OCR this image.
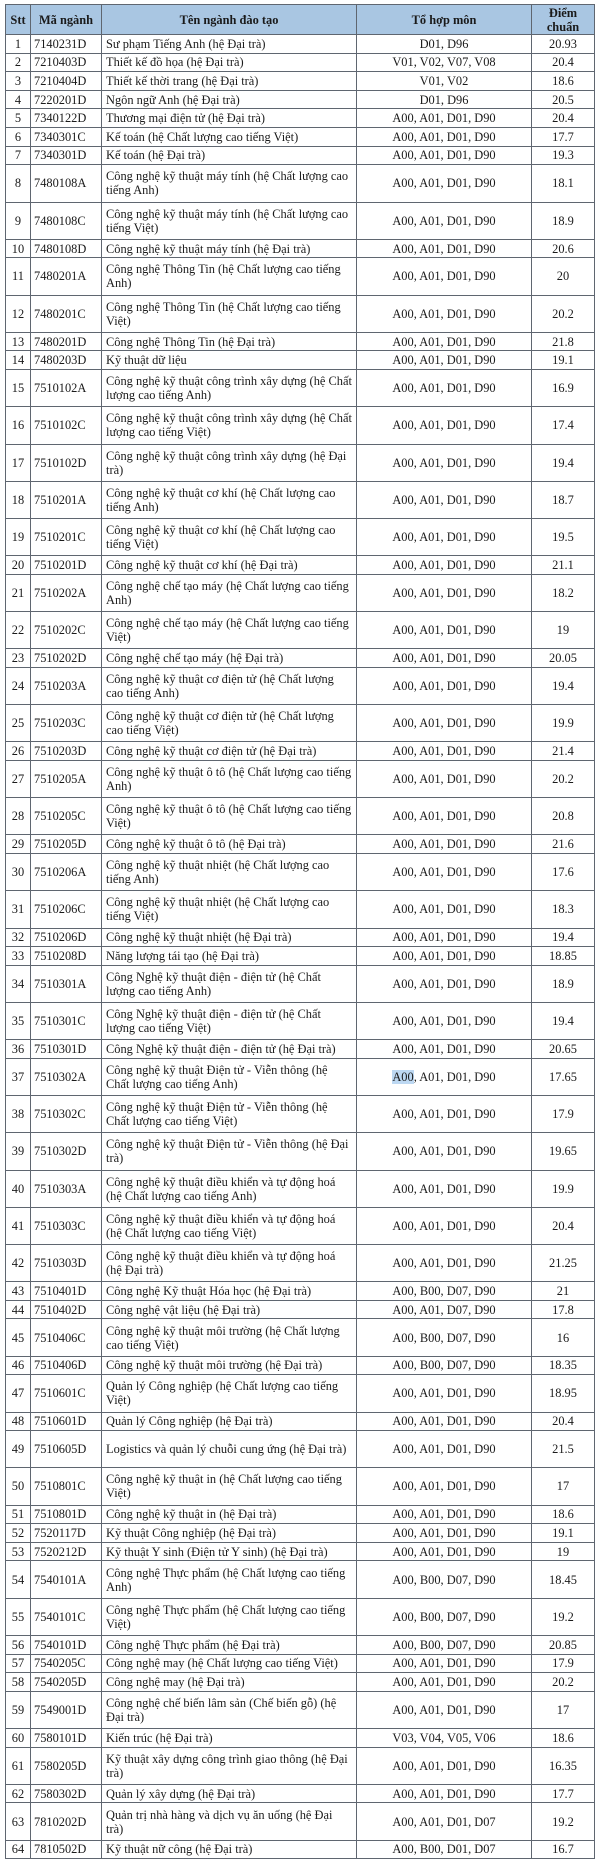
Stt	Mã ngành	Tên ngành đào tạo	Tổ hợp môn	Điểm
chuẩn
1	7140231D	Sư phạm Tiếng Anh (hệ Đại trà)	D01, D96	20.93
2	7210403D	Thiết kế đồ họa (hệ Đại trà)	V01, V02, V07, V08	20.4
3	7210404D	Thiết kế thời trang (hệ Đại trà)	V01, V02	18.6
4	7220201D	Ngôn ngữ Anh (hệ Đại trà)	D01, D96	20.5
5	7340122D	Thương mại điện tử (hệ Đại trà)	A00, A01, D01, D90	20.4
6	7340301C	Kế toán (hệ Chất lượng cao tiếng Việt)	A00, A01, D01, D90	17.7
7	7340301D	Kế toán (hệ Đại trà)	A00, A01, D01, D90	19.3
8	7480108A	Công nghệ kỹ thuật máy tính (hệ Chất lượng cao tiếng Anh)	A00, A01, D01, D90	18.1
9	7480108C	Công nghệ kỹ thuật máy tính (hệ Chất lượng cao tiếng Việt)	A00, A01, D01, D90	18.9
10	7480108D	Công nghệ kỹ thuật máy tính (hệ Đại trà)	A00, A01, D01, D90	20.6
11	7480201A	Công nghệ Thông Tin (hệ Chất lượng cao tiếng Anh)	A00, A01, D01, D90	20
12	7480201C	Công nghệ Thông Tin (hệ Chất lượng cao tiếng Việt)	A00, A01, D01, D90	20.2
13	7480201D	Công nghệ Thông Tin (hệ Đại trà)	A00, A01, D01, D90	21.8
14	7480203D	Kỹ thuật dữ liệu	A00, A01, D01, D90	19.1
15	7510102A	Công nghệ kỹ thuật công trình xây dựng (hệ Chất lượng cao tiếng Anh)	A00, A01, D01, D90	16.9
16	7510102C	Công nghệ kỹ thuật công trình xây dựng (hệ Chất lượng cao tiếng Việt)	A00, A01, D01, D90	17.4
17	7510102D	Công nghệ kỹ thuật công trình xây dựng (hệ Đại trà)	A00, A01, D01, D90	19.4
18	7510201A	Công nghệ kỹ thuật cơ khí (hệ Chất lượng cao tiếng Anh)	A00, A01, D01, D90	18.7
19	7510201C	Công nghệ kỹ thuật cơ khí (hệ Chất lượng cao tiếng Việt)	A00, A01, D01, D90	19.5
20	7510201D	Công nghệ kỹ thuật cơ khí (hệ Đại trà)	A00, A01, D01, D90	21.1
21	7510202A	Công nghệ chế tạo máy (hệ Chất lượng cao tiếng Anh)	A00, A01, D01, D90	18.2
22	7510202C	Công nghệ chế tạo máy (hệ Chất lượng cao tiếng Việt)	A00, A01, D01, D90	19
23	7510202D	Công nghệ chế tạo máy (hệ Đại trà)	A00, A01, D01, D90	20.05
24	7510203A	Công nghệ kỹ thuật cơ điện tử (hệ Chất lượng cao tiếng Anh)	A00, A01, D01, D90	19.4
25	7510203C	Công nghệ kỹ thuật cơ điện tử (hệ Chất lượng cao tiếng Việt)	A00, A01, D01, D90	19.9
26	7510203D	Công nghệ kỹ thuật cơ điện tử (hệ Đại trà)	A00, A01, D01, D90	21.4
27	7510205A	Công nghệ kỹ thuật ô tô (hệ Chất lượng cao tiếng Anh)	A00, A01, D01, D90	20.2
28	7510205C	Công nghệ kỹ thuật ô tô (hệ Chất lượng cao tiếng Việt)	A00, A01, D01, D90	20.8
29	7510205D	Công nghệ kỹ thuật ô tô (hệ Đại trà)	A00, A01, D01, D90	21.6
30	7510206A	Công nghệ kỹ thuật nhiệt (hệ Chất lượng cao tiếng Anh)	A00, A01, D01, D90	17.6
31	7510206C	Công nghệ kỹ thuật nhiệt (hệ Chất lượng cao tiếng Việt)	A00, A01, D01, D90	18.3
32	7510206D	Công nghệ kỹ thuật nhiệt (hệ Đại trà)	A00, A01, D01, D90	19.4
33	7510208D	Năng lượng tái tạo (hệ Đại trà)	A00, A01, D01, D90	18.85
34	7510301A	Công Nghệ kỹ thuật điện - điện tử (hệ Chất lượng cao tiếng Anh)	A00, A01, D01, D90	18.9
35	7510301C	Công Nghệ kỹ thuật điện - điện tử (hệ Chất lượng cao tiếng Việt)	A00, A01, D01, D90	19.4
36	7510301D	Công Nghệ kỹ thuật điện - điện tử (hệ Đại trà)	A00, A01, D01, D90	20.65
37	7510302A	Công nghệ kỹ thuật Điện tử - Viễn thông (hệ Chất lượng cao tiếng Anh)	A00, A01, D01, D90	17.65
38	7510302C	Công nghệ kỹ thuật Điện tử - Viễn thông (hệ Chất lượng cao tiếng Việt)	A00, A01, D01, D90	17.9
39	7510302D	Công nghệ kỹ thuật Điện tử - Viễn thông (hệ Đại trà)	A00, A01, D01, D90	19.65
40	7510303A	Công nghệ kỹ thuật điều khiển và tự động hoá (hệ Chất lượng cao tiếng Anh)	A00, A01, D01, D90	19.9
41	7510303C	Công nghệ kỹ thuật điều khiển và tự động hoá (hệ Chất lượng cao tiếng Việt)	A00, A01, D01, D90	20.4
42	7510303D	Công nghệ kỹ thuật điều khiển và tự động hoá (hệ Đại trà)	A00, A01, D01, D90	21.25
43	7510401D	Công nghệ Kỹ thuật Hóa học (hệ Đại trà)	A00, B00, D07, D90	21
44	7510402D	Công nghệ vật liệu (hệ Đại trà)	A00, A01, D07, D90	17.8
45	7510406C	Công nghệ kỹ thuật môi trường (hệ Chất lượng cao tiếng Việt)	A00, B00, D07, D90	16
46	7510406D	Công nghệ kỹ thuật môi trường (hệ Đại trà)	A00, B00, D07, D90	18.35
47	7510601C	Quản lý Công nghiệp (hệ Chất lượng cao tiếng Việt)	A00, A01, D01, D90	18.95
48	7510601D	Quản lý Công nghiệp (hệ Đại trà)	A00, A01, D01, D90	20.4
49	7510605D	Logistics và quản lý chuỗi cung ứng (hệ Đại trà)	A00, A01, D01, D90	21.5
50	7510801C	Công nghệ kỹ thuật in (hệ Chất lượng cao tiếng Việt)	A00, A01, D01, D90	17
51	7510801D	Công nghệ kỹ thuật in (hệ Đại trà)	A00, A01, D01, D90	18.6
52	7520117D	Kỹ thuật Công nghiệp (hệ Đại trà)	A00, A01, D01, D90	19.1
53	7520212D	Kỹ thuật Y sinh (Điện tử Y sinh) (hệ Đại trà)	A00, A01, D01, D90	19
54	7540101A	Công nghệ Thực phẩm (hệ Chất lượng cao tiếng Anh)	A00, B00, D07, D90	18.45
55	7540101C	Công nghệ Thực phẩm (hệ Chất lượng cao tiếng Việt)	A00, B00, D07, D90	19.2
56	7540101D	Công nghệ Thực phẩm (hệ Đại trà)	A00, B00, D07, D90	20.85
57	7540205C	Công nghệ may (hệ Chất lượng cao tiếng Việt)	A00, A01, D01, D90	17.9
58	7540205D	Công nghệ may (hệ Đại trà)	A00, A01, D01, D90	20.2
59	7549001D	Công nghệ chế biến lâm sản (Chế biến gỗ) (hệ Đại trà)	A00, A01, D01, D90	17
60	7580101D	Kiến trúc (hệ Đại trà)	V03, V04, V05, V06	18.6
61	7580205D	Kỹ thuật xây dựng công trình giao thông (hệ Đại trà)	A00, A01, D01, D90	16.35
62	7580302D	Quản lý xây dựng (hệ Đại trà)	A00, A01, D01, D90	17.7
63	7810202D	Quản trị nhà hàng và dịch vụ ăn uống (hệ Đại trà)	A00, A01, D01, D07	19.2
64	7810502D	Kỹ thuật nữ công (hệ Đại trà)	A00, B00, D01, D07	16.7
